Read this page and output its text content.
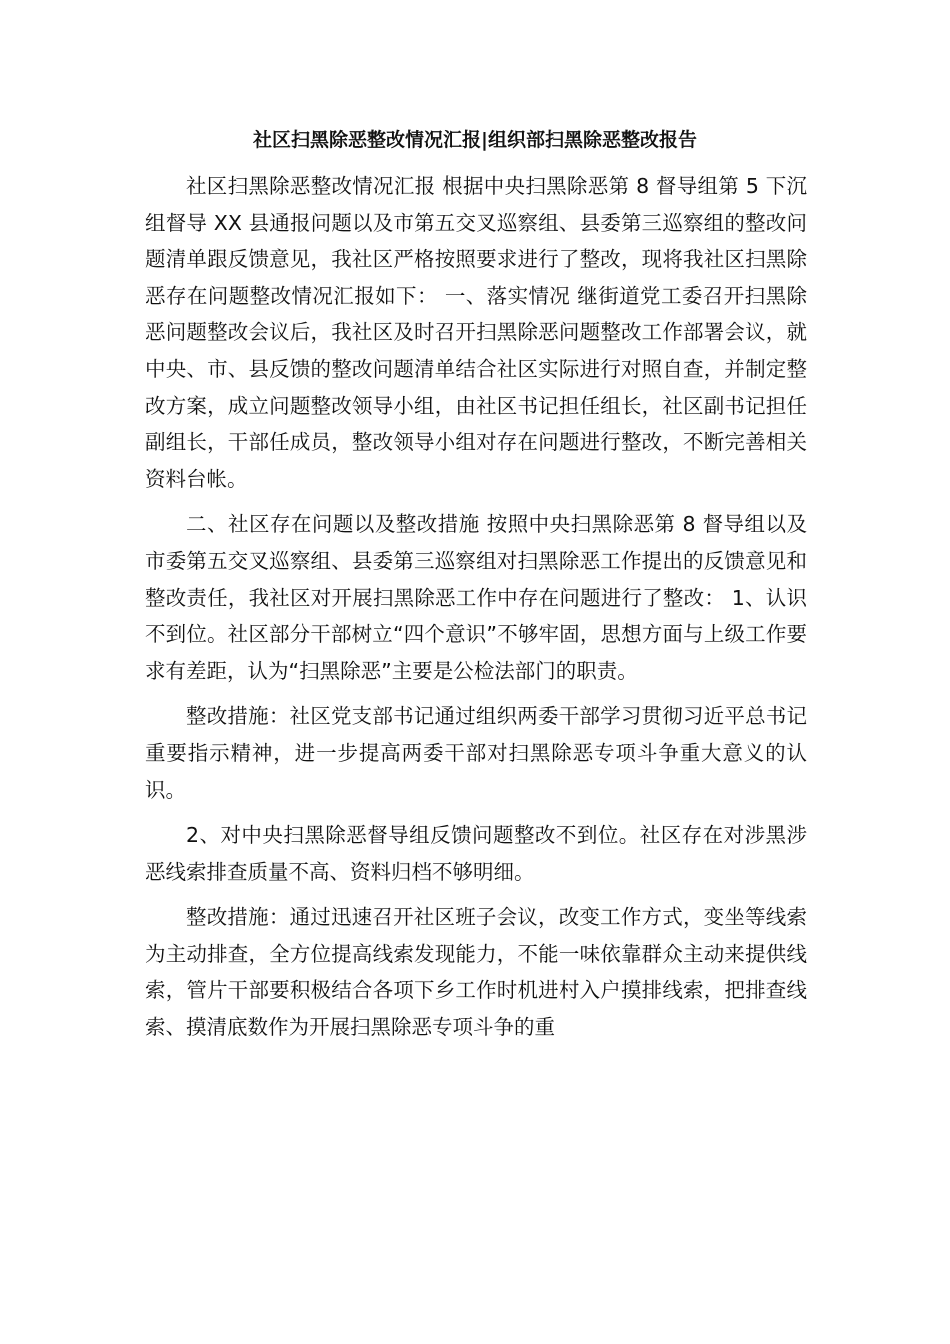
社区扫黑除恶整改情况汇报|组织部扫黑除恶整改报告

社区扫黑除恶整改情况汇报 根据中央扫黑除恶第 8 督导组第 5 下沉组督导 XX 县通报问题以及市第五交叉巡察组、县委第三巡察组的整改问题清单跟反馈意见，我社区严格按照要求进行了整改，现将我社区扫黑除恶存在问题整改情况汇报如下： 一、落实情况 继街道党工委召开扫黑除恶问题整改会议后，我社区及时召开扫黑除恶问题整改工作部署会议，就中央、市、县反馈的整改问题清单结合社区实际进行对照自查，并制定整改方案，成立问题整改领导小组，由社区书记担任组长，社区副书记担任副组长，干部任成员，整改领导小组对存在问题进行整改，不断完善相关资料台帐。

二、社区存在问题以及整改措施 按照中央扫黑除恶第 8 督导组以及市委第五交叉巡察组、县委第三巡察组对扫黑除恶工作提出的反馈意见和整改责任，我社区对开展扫黑除恶工作中存在问题进行了整改： 1、认识不到位。社区部分干部树立“四个意识”不够牢固，思想方面与上级工作要求有差距，认为“扫黑除恶”主要是公检法部门的职责。

整改措施：社区党支部书记通过组织两委干部学习贯彻习近平总书记重要指示精神，进一步提高两委干部对扫黑除恶专项斗争重大意义的认识。

2、对中央扫黑除恶督导组反馈问题整改不到位。社区存在对涉黑涉恶线索排查质量不高、资料归档不够明细。

整改措施：通过迅速召开社区班子会议，改变工作方式，变坐等线索为主动排查，全方位提高线索发现能力，不能一味依靠群众主动来提供线索，管片干部要积极结合各项下乡工作时机进村入户摸排线索，把排查线索、摸清底数作为开展扫黑除恶专项斗争的重
